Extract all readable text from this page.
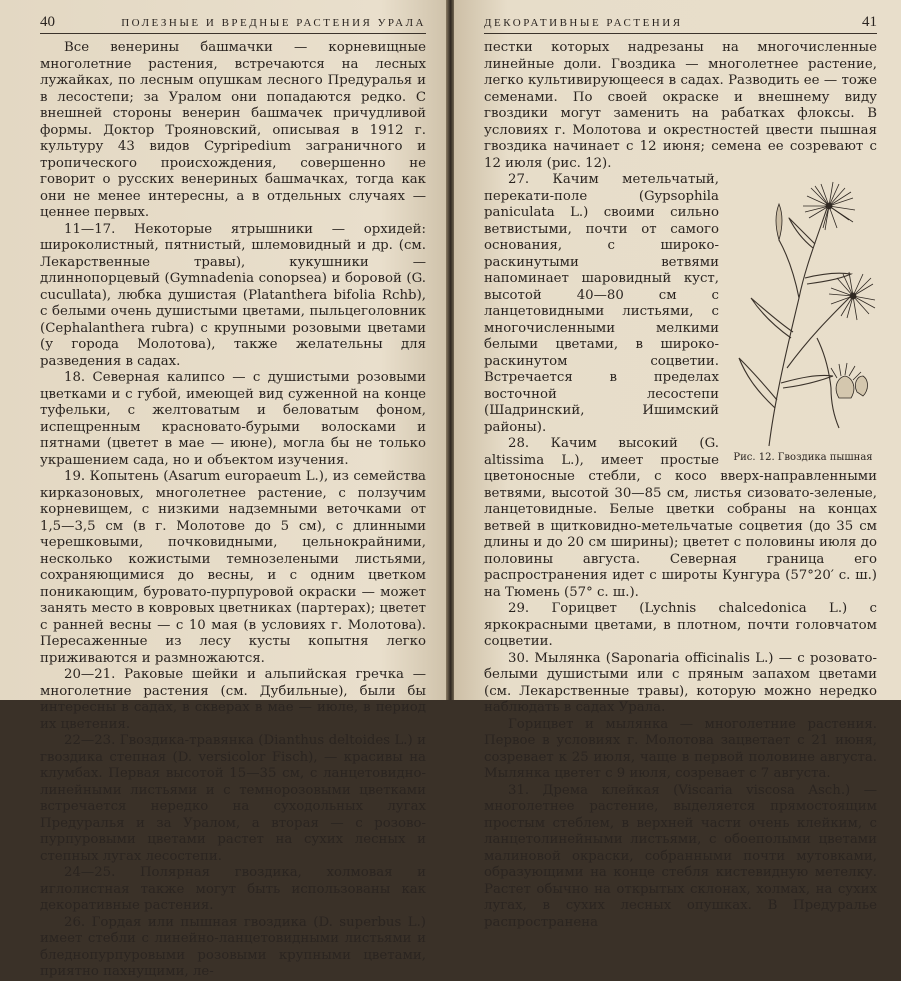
40	ПОЛЕЗНЫЕ И ВРЕДНЫЕ РАСТЕНИЯ УРАЛА

Все венерины башмачки — корневищные многолетние растения, встречаются на лесных лужайках, по лесным опушкам лесного Предуралья и в лесостепи; за Уралом они попадаются редко. С внешней стороны венерин башмачек причудливой формы. Доктор Трояновский, описывая в 1912 г. культуру 43 видов Cypripedium заграничного и тропического происхождения, совершенно не говорит о русских венериных башмачках, тогда как они не менее интересны, а в отдельных случаях — ценнее первых.

11—17. Некоторые ятрышники — орхидей: широколистный, пятнистый, шлемовидный и др. (см. Лекарственные травы), кукушники — длиннопорцевый (Gymnadenia conopsea) и боровой (G. cucullata), любка душистая (Platanthera bifolia Rchb), с белыми очень душистыми цветами, пыльцеголовник (Cephalanthera rubra) с крупными розовыми цветами (у города Молотова), также желательны для разведения в садах.

18. Северная калипсо — с душистыми розовыми цветками и с губой, имеющей вид суженной на конце туфельки, с желтоватым и беловатым фоном, испещренным красновато-бурыми волосками и пятнами (цветет в мае — июне), могла бы не только украшением сада, но и объектом изучения.

19. Копытень (Asarum europaeum L.), из семейства кирказоновых, многолетнее растение, с ползучим корневищем, с низкими надземными веточками от 1,5—3,5 см (в г. Молотове до 5 см), с длинными черешковыми, почковидными, цельнокрайними, несколько кожистыми темнозелеными листьями, сохраняющимися до весны, и с одним цветком поникающим, буровато-пурпуровой окраски — может занять место в ковровых цветниках (партерах); цветет с ранней весны — с 10 мая (в условиях г. Молотова). Пересаженные из лесу кусты копытня легко приживаются и размножаются.

20—21. Раковые шейки и альпийская гречка — многолетние растения (см. Дубильные), были бы интересны в садах, в скверах в мае — июле, в период их цветения.

22—23. Гвоздика-травянка (Dianthus deltoides L.) и гвоздика степная (D. versicolor Fisch), — красивы на клумбах. Первая высотой 15—35 см, с ланцетовидно-линейными листьями и с темнорозовыми цветками встречается нередко на суходольных лугах Предуралья и за Уралом, а вторая — с розово-пурпуровыми цветами растет на сухих лесных и степных лугах лесостепи.

24—25. Полярная гвоздика, холмовая и иглолистная также могут быть использованы как декоративные растения.

26. Гордая или пышная гвоздика (D. superbus L.) имеет стебли с линейно-ланцетовидными листьями и бледнопурпуровыми розовыми крупными цветами, приятно пахнущими, ле-

ДЕКОРАТИВНЫЕ РАСТЕНИЯ	41

пестки которых надрезаны на многочисленные линейные доли. Гвоздика — многолетнее растение, легко культивирующееся в садах. Разводить ее — тоже семенами. По своей окраске и внешнему виду гвоздики могут заменить на рабатках флоксы. В условиях г. Молотова и окрестностей цвести пышная гвоздика начинает с 12 июня; семена ее созревают с 12 июля (рис. 12).

Рис. 12. Гвоздика пышная

27. Качим метельчатый, перекати-поле (Gypsophila paniculata L.) своими сильно ветвистыми, почти от самого основания, с широко-раскинутыми ветвями напоминает шаровидный куст, высотой 40—80 см с ланцетовидными листьями, с многочисленными мелкими белыми цветами, в широко-раскинутом соцветии. Встречается в пределах восточной лесостепи (Шадринский, Ишимский районы).

28. Качим высокий (G. altissima L.), имеет простые цветоносные стебли, с косо вверх-направленными ветвями, высотой 30—85 см, листья сизовато-зеленые, ланцетовидные. Белые цветки собраны на концах ветвей в щитковидно-метельчатые соцветия (до 35 см длины и до 20 см ширины); цветет с половины июля до половины августа. Северная граница его распространения идет с широты Кунгура (57°20′ с. ш.) на Тюмень (57° с. ш.).

29. Горицвет (Lychnis chalcedonica L.) с яркокрасными цветами, в плотном, почти головчатом соцветии.

30. Мылянка (Saponaria officinalis L.) — с розовато-белыми душистыми или с пряным запахом цветами (см. Лекарственные травы), которую можно нередко наблюдать в садах Урала.

Горицвет и мылянка — многолетние растения. Первое в условиях г. Молотова зацветает с 21 июня, созревает к 25 июля, чаще в первой половине августа. Мылянка цветет с 9 июля, созревает с 7 августа.

31. Дрема клейкая (Viscaria viscosa Asch.) — многолетнее растение, выделяется прямостоящим простым стеблем, в верхней части очень клейким, с ланцетолинейными листьями, с обоеполыми цветами малиновой окраски, собранными почти мутовками, образующими на конце стебля кистевидную метелку. Растет обычно на открытых склонах, холмах, на сухих лугах, в сухих лесных опушках. В Предуралье распространена
